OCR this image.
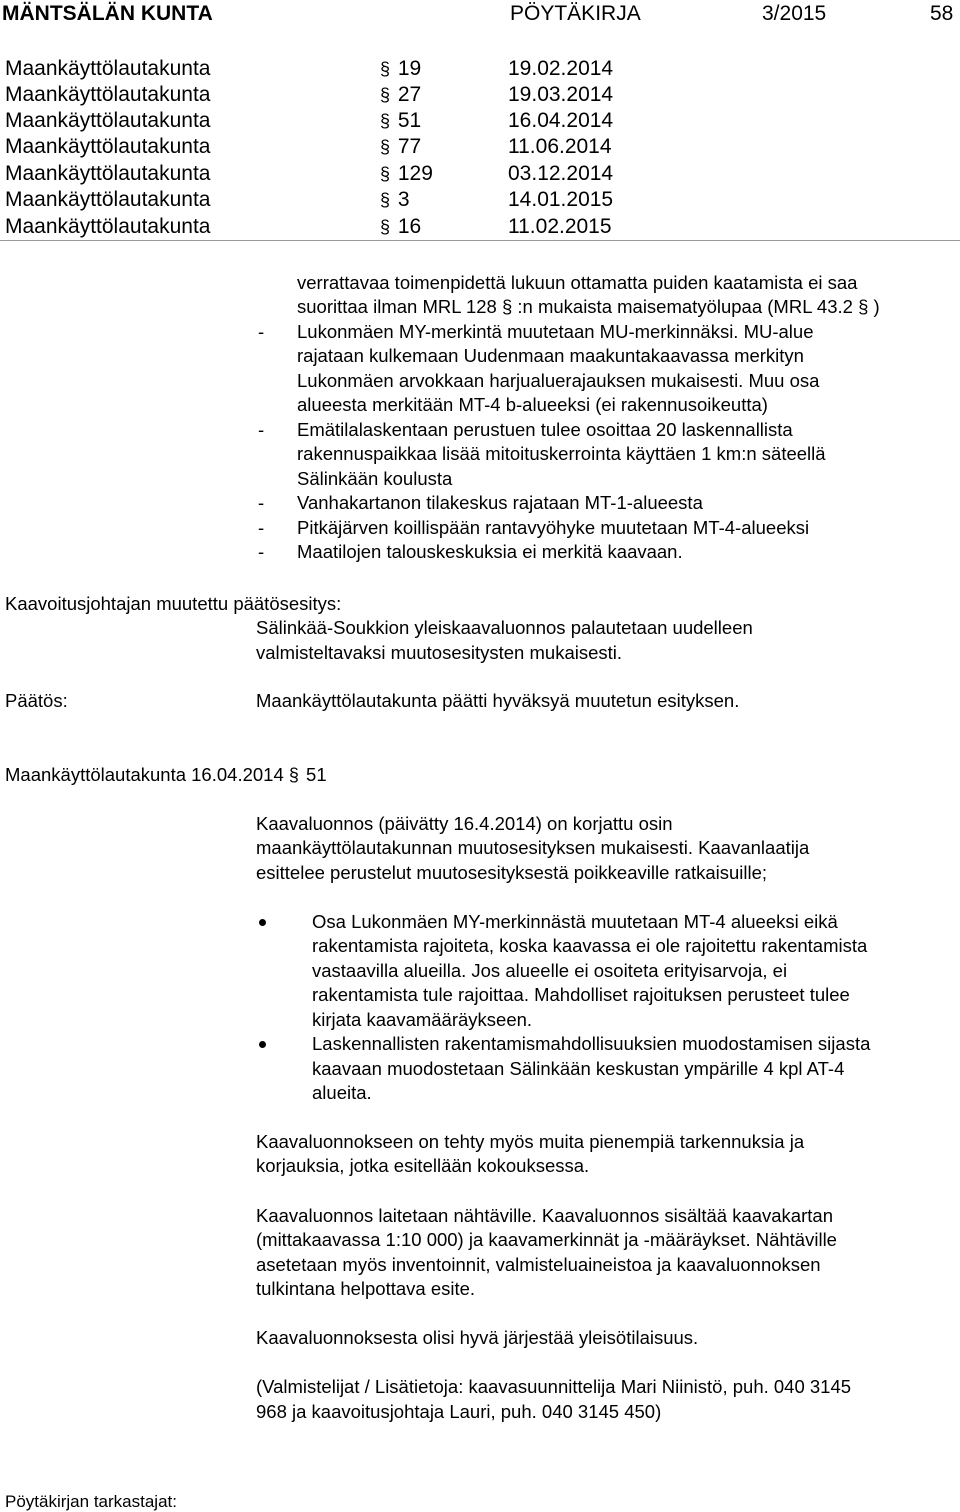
MÄNTSÄLÄN KUNTA	PÖYTÄKIRJA	3/2015	58
Maankäyttölautakunta	§ 19	19.02.2014
Maankäyttölautakunta	§ 27	19.03.2014
Maankäyttölautakunta	§ 51	16.04.2014
Maankäyttölautakunta	§ 77	11.06.2014
Maankäyttölautakunta	§ 129	03.12.2014
Maankäyttölautakunta	§ 3	14.01.2015
Maankäyttölautakunta	§ 16	11.02.2015
verrattavaa toimenpidettä lukuun ottamatta puiden kaatamista ei saa
suorittaa ilman MRL 128 § :n mukaista maisematyölupaa (MRL 43.2 § )
- Lukonmäen MY-merkintä muutetaan MU-merkinnäksi. MU-alue
rajataan kulkemaan Uudenmaan maakuntakaavassa merkityn
Lukonmäen arvokkaan harjualuerajauksen mukaisesti. Muu osa
alueesta merkitään MT-4 b-alueeksi (ei rakennusoikeutta)
- Emätilalaskentaan perustuen tulee osoittaa 20 laskennallista
rakennuspaikkaa lisää mitoituskerrointa käyttäen 1 km:n säteellä
Sälinkään koulusta
- Vanhakartanon tilakeskus rajataan MT-1-alueesta
- Pitkäjärven koillispään rantavyöhyke muutetaan MT-4-alueeksi
- Maatilojen talouskeskuksia ei merkitä kaavaan.
Kaavoitusjohtajan muutettu päätösesitys:
Sälinkää-Soukkion yleiskaavaluonnos palautetaan uudelleen
valmisteltavaksi muutosesitysten mukaisesti.
Päätös:	Maankäyttölautakunta päätti hyväksyä muutetun esityksen.
Maankäyttölautakunta 16.04.2014 § 51
Kaavaluonnos (päivätty 16.4.2014) on korjattu osin
maankäyttölautakunnan muutosesityksen mukaisesti. Kaavanlaatija
esittelee perustelut muutosesityksestä poikkeaville ratkaisuille;
Osa Lukonmäen MY-merkinnästä muutetaan MT-4 alueeksi eikä
rakentamista rajoiteta, koska kaavassa ei ole rajoitettu rakentamista
vastaavilla alueilla. Jos alueelle ei osoiteta erityisarvoja, ei
rakentamista tule rajoittaa. Mahdolliset rajoituksen perusteet tulee
kirjata kaavamääräykseen.
Laskennallisten rakentamismahdollisuuksien muodostamisen sijasta
kaavaan muodostetaan Sälinkään keskustan ympärille 4 kpl AT-4
alueita.
Kaavaluonnokseen on tehty myös muita pienempiä tarkennuksia ja
korjauksia, jotka esitellään kokouksessa.
Kaavaluonnos laitetaan nähtäville. Kaavaluonnos sisältää kaavakartan
(mittakaavassa 1:10 000) ja kaavamerkinnät ja -määräykset. Nähtäville
asetetaan myös inventoinnit, valmisteluaineistoa ja kaavaluonnoksen
tulkintana helpottava esite.
Kaavaluonnoksesta olisi hyvä järjestää yleisötilaisuus.
(Valmistelijat / Lisätietoja: kaavasuunnittelija Mari Niinistö, puh. 040 3145
968 ja kaavoitusjohtaja Lauri, puh. 040 3145 450)
Pöytäkirjan tarkastajat:
